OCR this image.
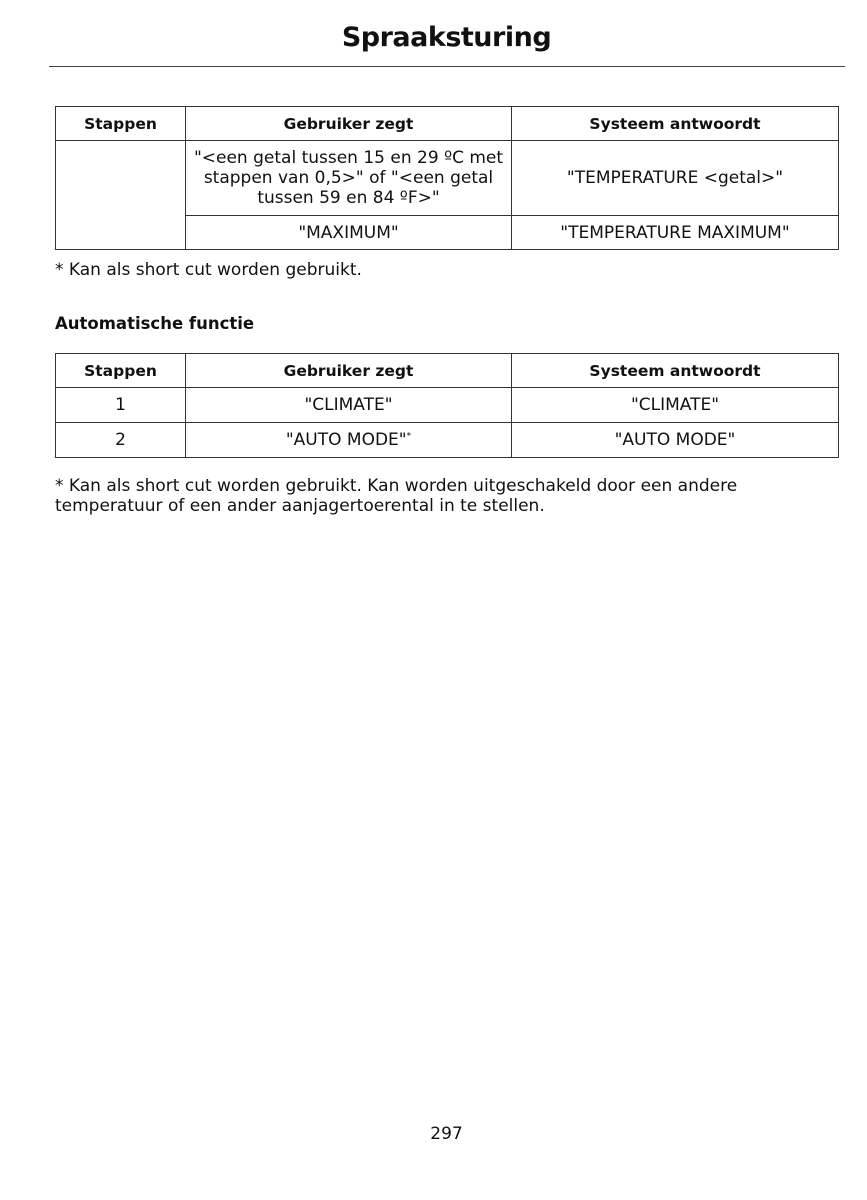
Spraaksturing
Stappen	Gebruiker zegt	Systeem antwoordt
	"<een getal tussen 15 en 29 ºC met stappen van 0,5>" of "<een getal tussen 59 en 84 ºF>"	"TEMPERATURE <getal>"
	"MAXIMUM"	"TEMPERATURE MAXIMUM"
* Kan als short cut worden gebruikt.
Automatische functie
Stappen	Gebruiker zegt	Systeem antwoordt
1	"CLIMATE"	"CLIMATE"
2	"AUTO MODE"*	"AUTO MODE"
* Kan als short cut worden gebruikt. Kan worden uitgeschakeld door een andere temperatuur of een ander aanjagertoerental in te stellen.
297
